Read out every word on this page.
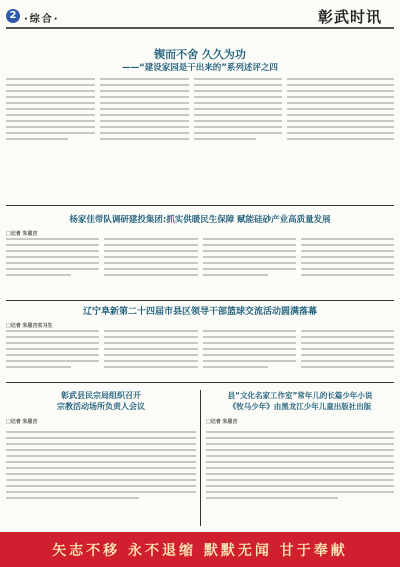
2 ·综合·	彰武时讯
锲而不舍 久久为功
——“建设家园是干出来的”系列述评之四
杨家佳带队调研建投集团:抓实供暖民生保障 赋能硅砂产业高质量发展
□记者 朱恩吉
辽宁阜新第二十四届市县区领导干部篮球交流活动圆满落幕
□记者 朱恩吉实习生
彰武县民宗局组织召开
宗教活动场所负责人会议
□记者 朱恩吉
县“文化名家工作室”常年儿的长篇少年小说
《牧马少年》由黑龙江少年儿童出版社出版
□记者 朱恩吉
矢志不移 永不退缩 默默无闻 甘于奉献
